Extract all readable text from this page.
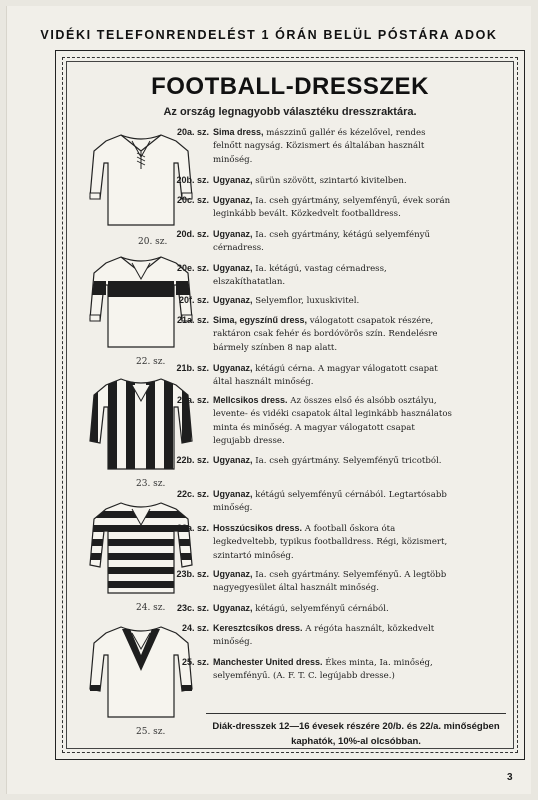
VIDÉKI TELEFONRENDELÉST 1 ÓRÁN BELÜL PÓSTÁRA ADOK
FOOTBALL-DRESSZEK
Az ország legnagyobb választéku dresszraktára.
20. sz.
22. sz.
23. sz.
24. sz.
25. sz.	Diák-dresszek 12—16 évesek részére 20/b. és 22/a. minőségben kaphatók, 10%-al olcsóbban.
20a. sz. Sima dress, mászzinű gallér és kézelővel, rendes felnőtt nagyság. Közismert és általában használt minőség.
20b. sz. Ugyanaz, sürün szövött, szintartó kivitelben.
20c. sz. Ugyanaz, Ia. cseh gyártmány, selyemfényű, évek során leginkább bevált. Közkedvelt footballdress.
20d. sz. Ugyanaz, Ia. cseh gyártmány, kétágú selyemfényű cérnadress.
20e. sz. Ugyanaz, Ia. kétágú, vastag cérnadress, elszakíthatatlan.
20f. sz. Ugyanaz, Selyemflor, luxuskivitel.
21a. sz. Sima, egyszínű dress, válogatott csapatok részére, raktáron csak fehér és bordóvörös szín. Rendelésre bármely színben 8 nap alatt.
21b. sz. Ugyanaz, kétágú cérna. A magyar válogatott csapat által használt minőség.
22a. sz. Mellcsikos dress. Az összes első és alsóbb osztályu, levente- és vidéki csapatok által leginkább használatos minta és minőség. A magyar válogatott csapat legujabb dresse.
22b. sz. Ugyanaz, Ia. cseh gyártmány. Selyemfényű tricotból.
22c. sz. Ugyanaz, kétágú selyemfényű cérnából. Legtartósabb minőség.
23a. sz. Hosszúcsikos dress. A football őskora óta legkedveltebb, typikus footballdress. Régi, közismert, szintartó minőség.
23b. sz. Ugyanaz, Ia. cseh gyártmány. Selyemfényű. A legtöbb nagyegyesület által használt minőség.
23c. sz. Ugyanaz, kétágú, selyemfényű cérnából.
24. sz. Keresztcsíkos dress. A régóta használt, közkedvelt minőség.
25. sz. Manchester United dress. Ékes minta, Ia. minőség, selyemfényű. (A. F. T. C. legújabb dresse.)
3
